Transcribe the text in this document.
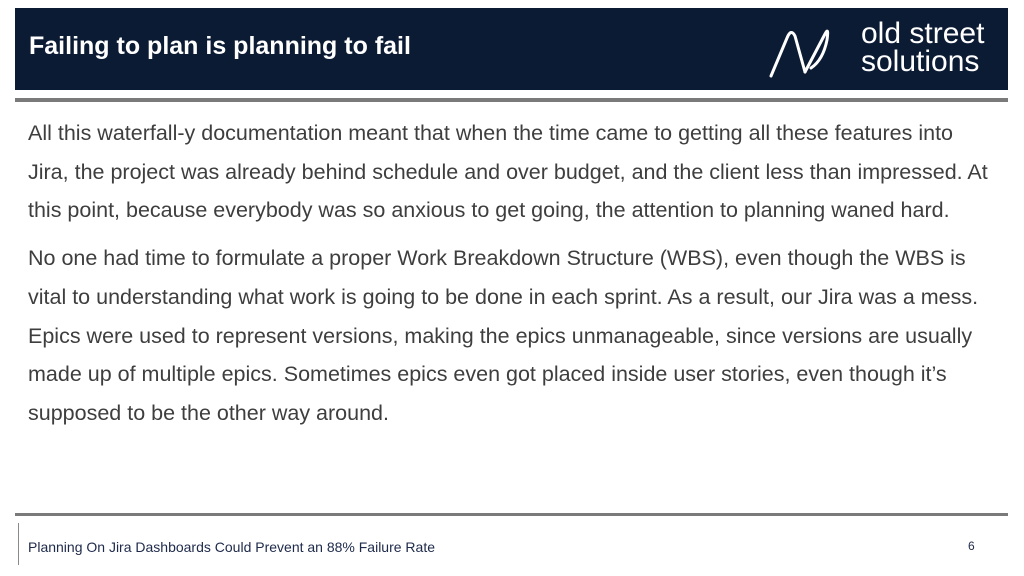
Failing to plan is planning to fail	old street
solutions

All this waterfall-y documentation meant that when the time came to getting all these features into Jira, the project was already behind schedule and over budget, and the client less than impressed. At this point, because everybody was so anxious to get going, the attention to planning waned hard.

No one had time to formulate a proper Work Breakdown Structure (WBS), even though the WBS is vital to understanding what work is going to be done in each sprint. As a result, our Jira was a mess. Epics were used to represent versions, making the epics unmanageable, since versions are usually made up of multiple epics. Sometimes epics even got placed inside user stories, even though it’s supposed to be the other way around.

Planning On Jira Dashboards Could Prevent an 88% Failure Rate	6
